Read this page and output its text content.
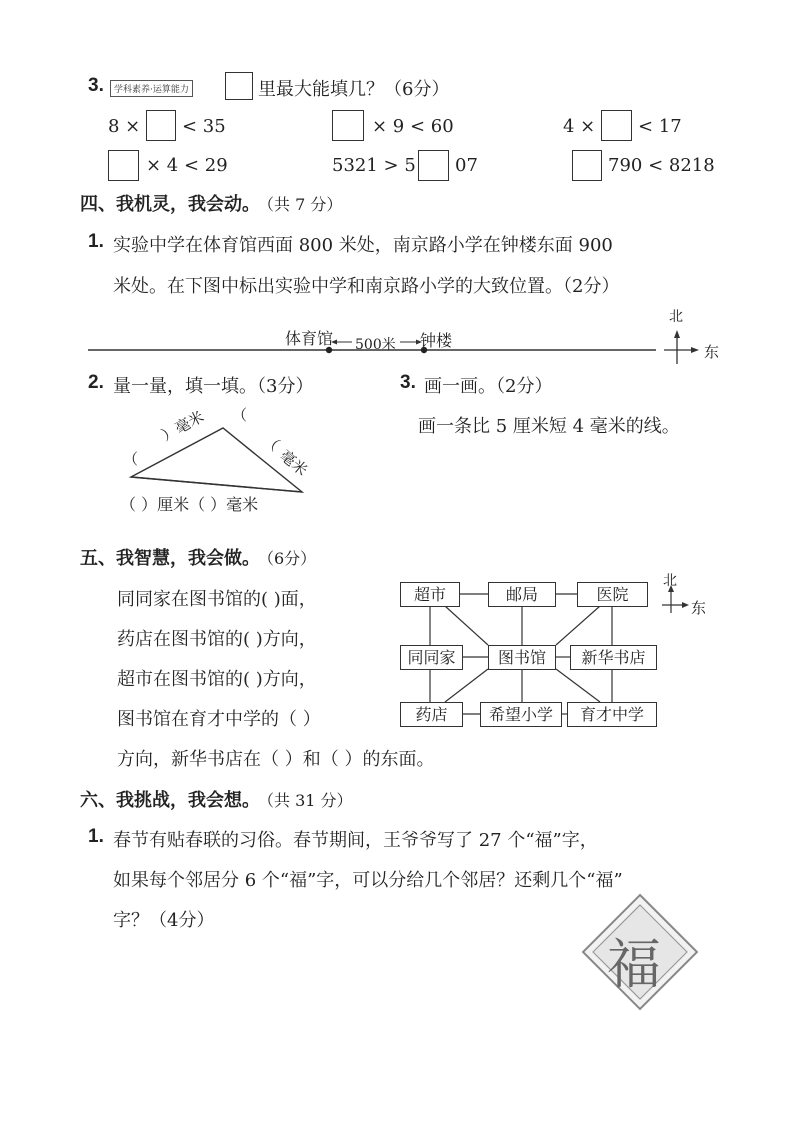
3.	学科素养·运算能力	里最大能填几？（6分）
8 × < 35	× 9 < 60	4 × < 17
× 4 < 29	5321 > 5 07	790 < 8218
四、我机灵，我会动。
（共 7 分）
1. 实验中学在体育馆西面 800 米处，南京路小学在钟楼东面 900
米处。在下图中标出实验中学和南京路小学的大致位置。（2分）
体育馆 500米 钟楼
北
东
2. 量一量，填一填。（3分）
）毫米 （
（
毫米
（
（ ）厘米（ ）毫米
3. 画一画。（2分）
画一条比 5 厘米短 4 毫米的线。
五、我智慧，我会做。
（6分）
同同家在图书馆的( )面，
药店在图书馆的( )方向，
超市在图书馆的( )方向，
图书馆在育才中学的（ ）
方向，新华书店在（ ）和（ ）的东面。
超市	邮局	医院
同同家	图书馆	新华书店
药店	希望小学	育才中学
北
东
六、我挑战，我会想。
（共 31 分）
1. 春节有贴春联的习俗。春节期间，王爷爷写了 27 个“福”字，
如果每个邻居分 6 个“福”字，可以分给几个邻居？还剩几个“福”
字？（4分）
福
